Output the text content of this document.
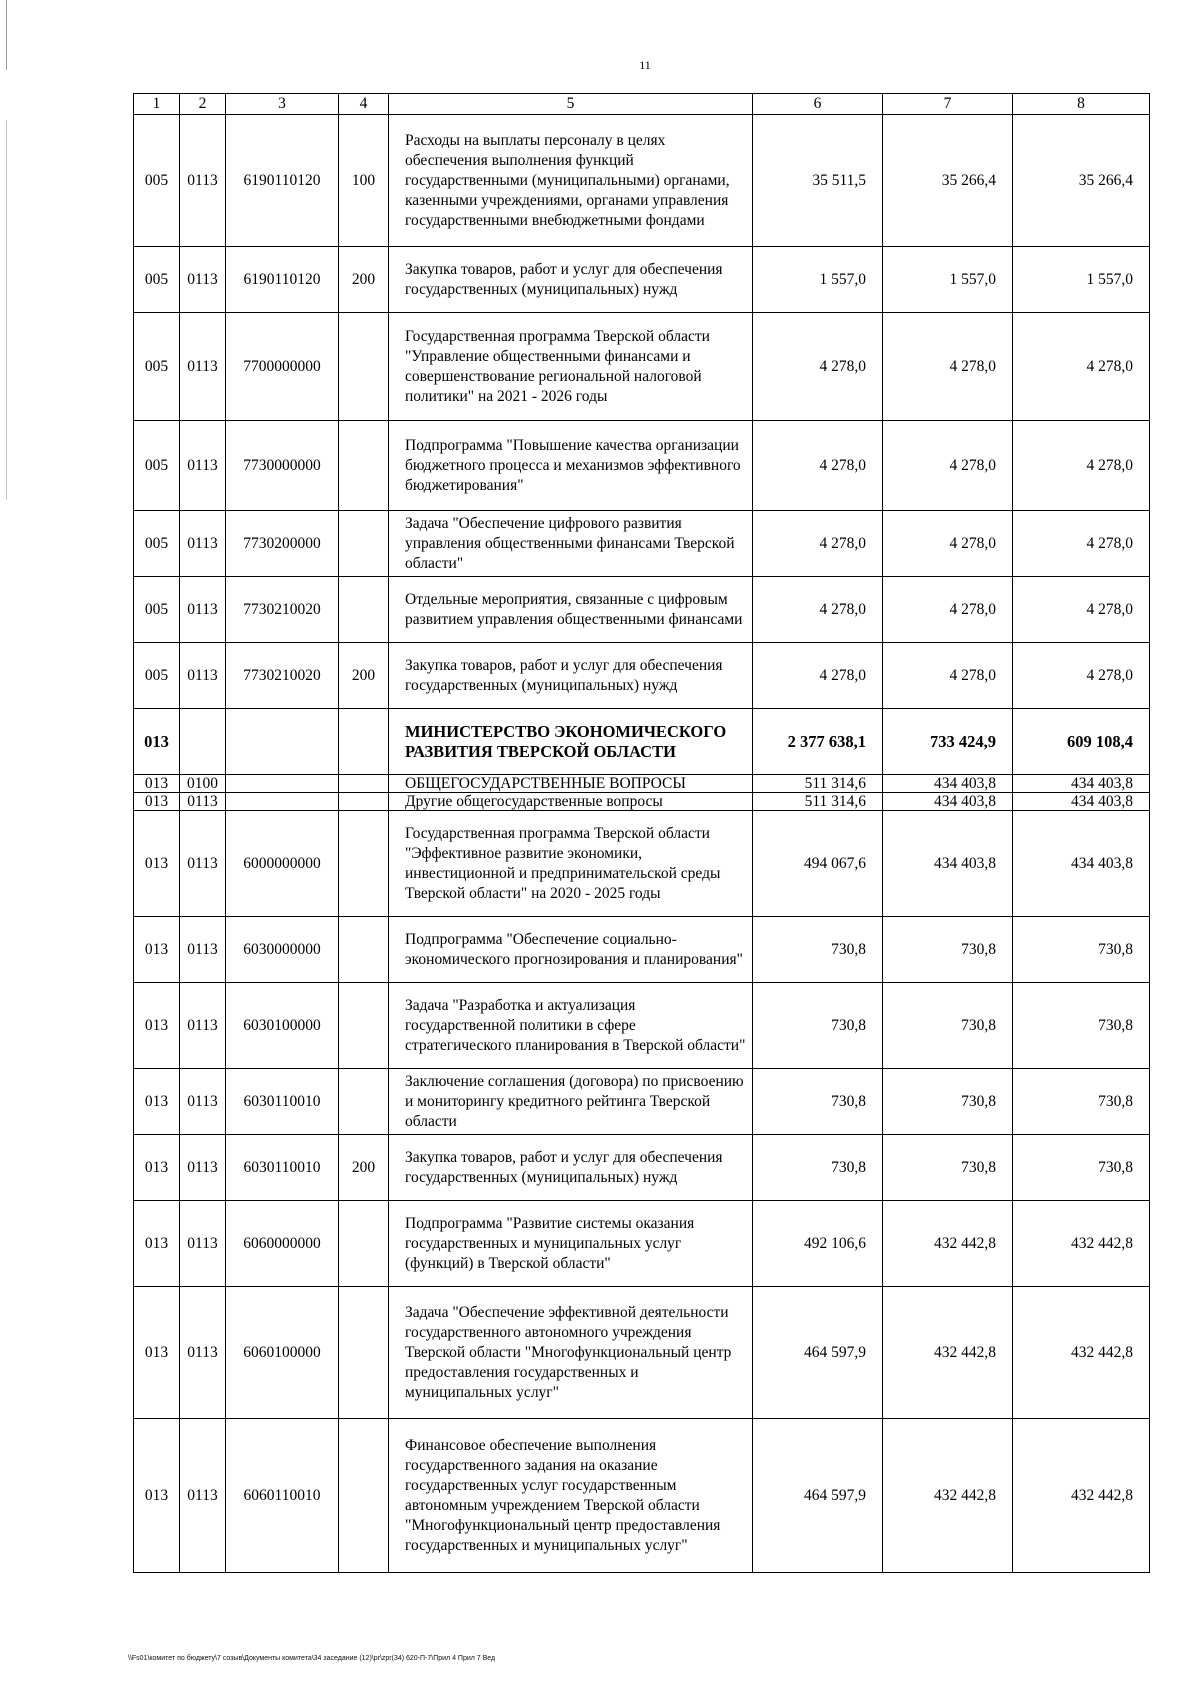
11
1	2	3	4	5	6	7	8
005	0113	6190110120	100	Расходы на выплаты персоналу в целях обеспечения выполнения функций государственными (муниципальными) органами, казенными учреждениями, органами управления государственными внебюджетными фондами	35 511,5	35 266,4	35 266,4
005	0113	6190110120	200	Закупка товаров, работ и услуг для обеспечения государственных (муниципальных) нужд	1 557,0	1 557,0	1 557,0
005	0113	7700000000		Государственная программа Тверской области "Управление общественными финансами и совершенствование региональной налоговой политики" на 2021 - 2026 годы	4 278,0	4 278,0	4 278,0
005	0113	7730000000		Подпрограмма "Повышение качества организации бюджетного процесса и механизмов эффективного бюджетирования"	4 278,0	4 278,0	4 278,0
005	0113	7730200000		Задача "Обеспечение цифрового развития управления общественными финансами Тверской области"	4 278,0	4 278,0	4 278,0
005	0113	7730210020		Отдельные мероприятия, связанные с цифровым развитием управления общественными финансами	4 278,0	4 278,0	4 278,0
005	0113	7730210020	200	Закупка товаров, работ и услуг для обеспечения государственных (муниципальных) нужд	4 278,0	4 278,0	4 278,0
013				МИНИСТЕРСТВО ЭКОНОМИЧЕСКОГО РАЗВИТИЯ ТВЕРСКОЙ ОБЛАСТИ	2 377 638,1	733 424,9	609 108,4
013	0100			ОБЩЕГОСУДАРСТВЕННЫЕ ВОПРОСЫ	511 314,6	434 403,8	434 403,8
013	0113			Другие общегосударственные вопросы	511 314,6	434 403,8	434 403,8
013	0113	6000000000		Государственная программа Тверской области "Эффективное развитие экономики, инвестиционной и предпринимательской среды Тверской области" на 2020 - 2025 годы	494 067,6	434 403,8	434 403,8
013	0113	6030000000		Подпрограмма "Обеспечение социально-экономического прогнозирования и планирования"	730,8	730,8	730,8
013	0113	6030100000		Задача "Разработка и актуализация государственной политики в сфере стратегического планирования в Тверской области"	730,8	730,8	730,8
013	0113	6030110010		Заключение соглашения (договора) по присвоению и мониторингу кредитного рейтинга Тверской области	730,8	730,8	730,8
013	0113	6030110010	200	Закупка товаров, работ и услуг для обеспечения государственных (муниципальных) нужд	730,8	730,8	730,8
013	0113	6060000000		Подпрограмма "Развитие системы оказания государственных и муниципальных услуг (функций) в Тверской области"	492 106,6	432 442,8	432 442,8
013	0113	6060100000		Задача "Обеспечение эффективной деятельности государственного автономного учреждения Тверской области "Многофункциональный центр предоставления государственных и муниципальных услуг"	464 597,9	432 442,8	432 442,8
013	0113	6060110010		Финансовое обеспечение выполнения государственного задания на оказание государственных услуг государственным автономным учреждением Тверской области "Многофункциональный центр предоставления государственных и муниципальных услуг"	464 597,9	432 442,8	432 442,8
\\Fs01\комитет по бюджету\7 созыв\Документы комитета\34 заседание (12)\pr\zpr(34) 620-П-7\Прил 4 Прил 7 Вед
